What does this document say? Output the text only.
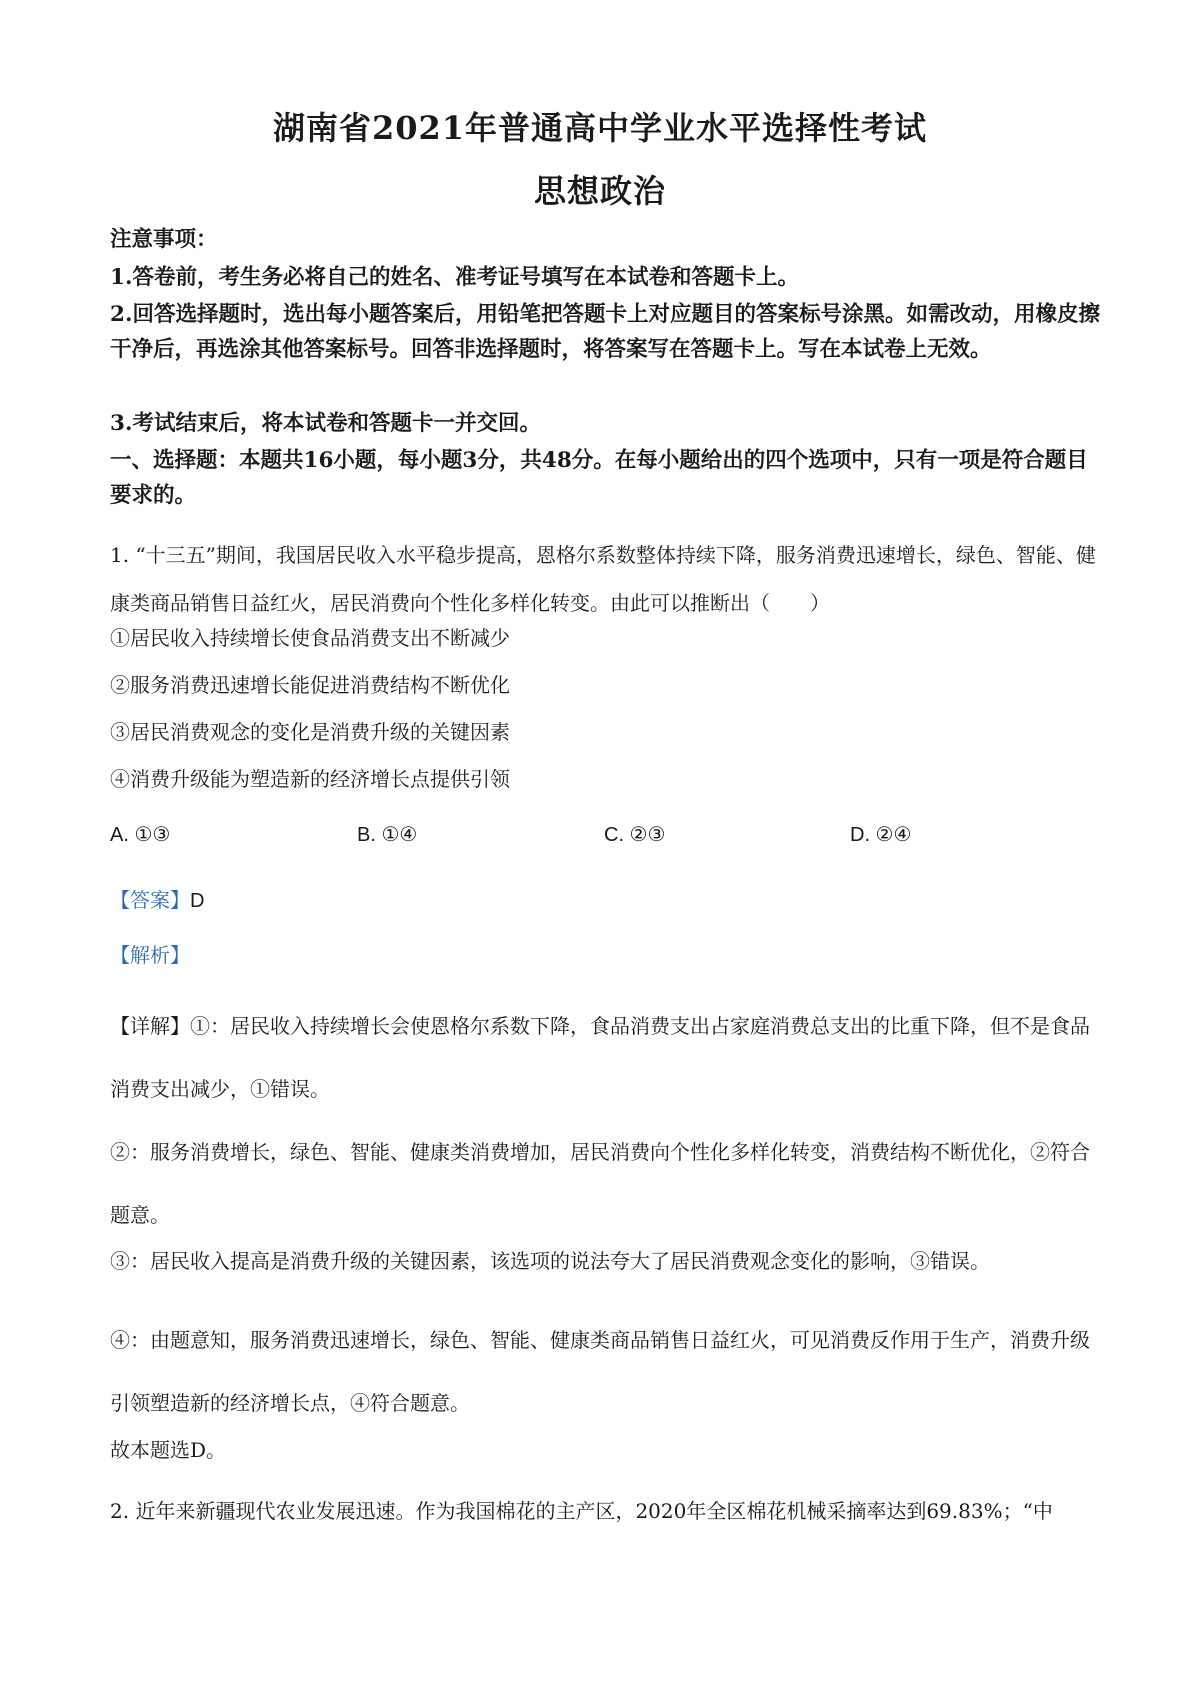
湖南省2021年普通高中学业水平选择性考试
思想政治
注意事项：
1.答卷前，考生务必将自己的姓名、准考证号填写在本试卷和答题卡上。
2.回答选择题时，选出每小题答案后，用铅笔把答题卡上对应题目的答案标号涂黑。如需改动，用橡皮擦干净后，再选涂其他答案标号。回答非选择题时，将答案写在答题卡上。写在本试卷上无效。
3.考试结束后，将本试卷和答题卡一并交回。
一、选择题：本题共16小题，每小题3分，共48分。在每小题给出的四个选项中，只有一项是符合题目要求的。
1. “十三五”期间，我国居民收入水平稳步提高，恩格尔系数整体持续下降，服务消费迅速增长，绿色、智能、健康类商品销售日益红火，居民消费向个性化多样化转变。由此可以推断出（　　）
①居民收入持续增长使食品消费支出不断减少
②服务消费迅速增长能促进消费结构不断优化
③居民消费观念的变化是消费升级的关键因素
④消费升级能为塑造新的经济增长点提供引领
A. ①③	B. ①④	C. ②③	D. ②④
【答案】D
【解析】
【详解】①：居民收入持续增长会使恩格尔系数下降，食品消费支出占家庭消费总支出的比重下降，但不是食品消费支出减少，①错误。
②：服务消费增长，绿色、智能、健康类消费增加，居民消费向个性化多样化转变，消费结构不断优化，②符合题意。
③：居民收入提高是消费升级的关键因素，该选项的说法夸大了居民消费观念变化的影响，③错误。
④：由题意知，服务消费迅速增长，绿色、智能、健康类商品销售日益红火，可见消费反作用于生产，消费升级引领塑造新的经济增长点，④符合题意。
故本题选D。
2. 近年来新疆现代农业发展迅速。作为我国棉花的主产区，2020年全区棉花机械采摘率达到69.83%；“中
